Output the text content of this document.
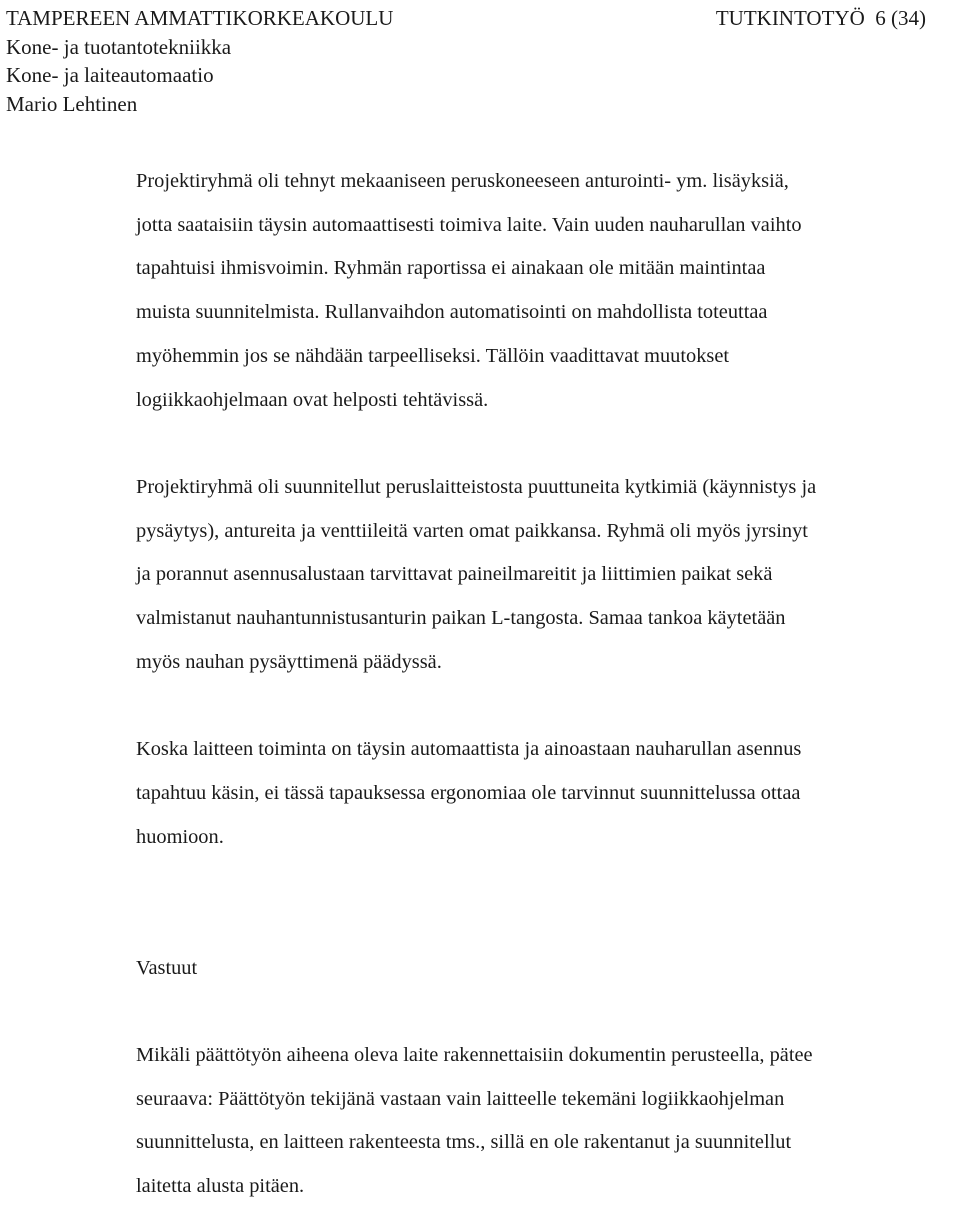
TAMPEREEN AMMATTIKORKEAKOULU	TUTKINTOTYÖ 6 (34)
Kone- ja tuotantotekniikka
Kone- ja laiteautomaatio
Mario Lehtinen

Projektiryhmä oli tehnyt mekaaniseen peruskoneeseen anturointi- ym. lisäyksiä,
jotta saataisiin täysin automaattisesti toimiva laite. Vain uuden nauharullan vaihto
tapahtuisi ihmisvoimin. Ryhmän raportissa ei ainakaan ole mitään maintintaa
muista suunnitelmista. Rullanvaihdon automatisointi on mahdollista toteuttaa
myöhemmin jos se nähdään tarpeelliseksi. Tällöin vaadittavat muutokset
logiikkaohjelmaan ovat helposti tehtävissä.

Projektiryhmä oli suunnitellut peruslaitteistosta puuttuneita kytkimiä (käynnistys ja
pysäytys), antureita ja venttiileitä varten omat paikkansa. Ryhmä oli myös jyrsinyt
ja porannut asennusalustaan tarvittavat paineilmareitit ja liittimien paikat sekä
valmistanut nauhantunnistusanturin paikan L-tangosta. Samaa tankoa käytetään
myös nauhan pysäyttimenä päädyssä.

Koska laitteen toiminta on täysin automaattista ja ainoastaan nauharullan asennus
tapahtuu käsin, ei tässä tapauksessa ergonomiaa ole tarvinnut suunnittelussa ottaa
huomioon.

Vastuut

Mikäli päättötyön aiheena oleva laite rakennettaisiin dokumentin perusteella, pätee
seuraava: Päättötyön tekijänä vastaan vain laitteelle tekemäni logiikkaohjelman
suunnittelusta, en laitteen rakenteesta tms., sillä en ole rakentanut ja suunnitellut
laitetta alusta pitäen.
